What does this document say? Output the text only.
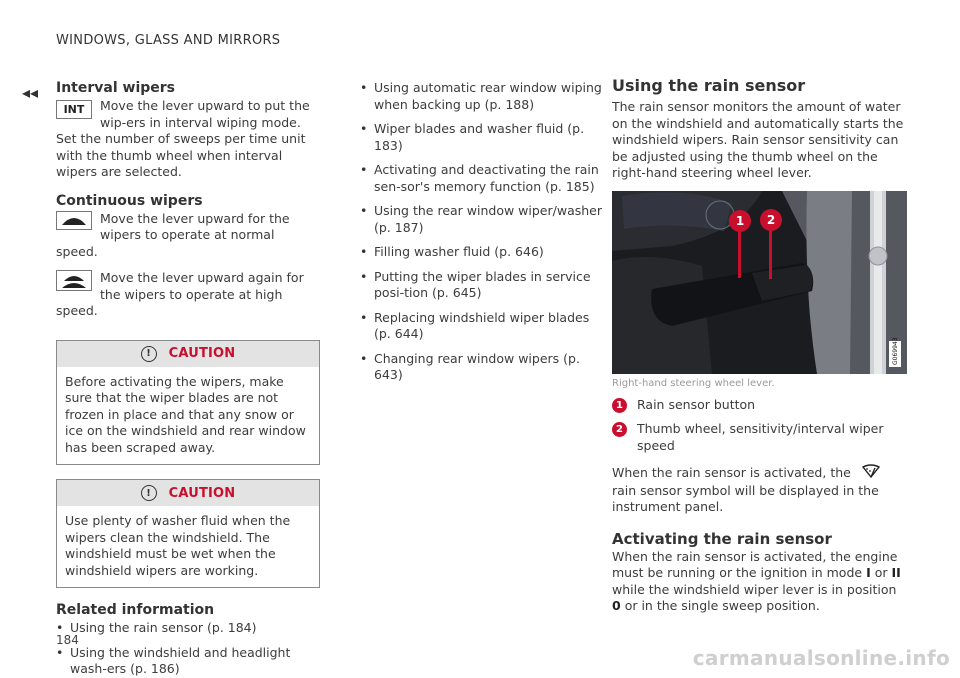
◂◂
WINDOWS, GLASS AND MIRRORS
Interval wipers
INT	Move the lever upward to put the wip-ers in interval wiping mode. Set the number of sweeps per time unit with the thumb wheel when interval wipers are selected.

Continuous wipers

Move the lever upward for the wipers to operate at normal speed.

Move the lever upward again for the wipers to operate at high speed.

!	CAUTION

Before activating the wipers, make sure that the wiper blades are not frozen in place and that any snow or ice on the windshield and rear window has been scraped away.

!	CAUTION

Use plenty of washer fluid when the wipers clean the windshield. The windshield must be wet when the windshield wipers are working.

Related information
• Using the rain sensor (p. 184)
• Using the windshield and headlight wash-ers (p. 186)
• Using automatic rear window wiping when backing up (p. 188)
• Wiper blades and washer fluid (p. 183)
• Activating and deactivating the rain sen-sor's memory function (p. 185)
• Using the rear window wiper/washer (p. 187)
• Filling washer fluid (p. 646)
• Putting the wiper blades in service posi-tion (p. 645)
• Replacing windshield wiper blades (p. 644)
• Changing rear window wipers (p. 643)
Using the rain sensor

The rain sensor monitors the amount of water on the windshield and automatically starts the windshield wipers. Rain sensor sensitivity can be adjusted using the thumb wheel on the right-hand steering wheel lever.

1 2
G069943
Right-hand steering wheel lever.
1	Rain sensor button

2	Thumb wheel, sensitivity/interval wiper speed

When the rain sensor is activated, the  rain sensor symbol will be displayed in the instrument panel.

Activating the rain sensor

When the rain sensor is activated, the engine must be running or the ignition in mode I or II while the windshield wiper lever is in position 0 or in the single sweep position.

184
carmanualsonline.info
